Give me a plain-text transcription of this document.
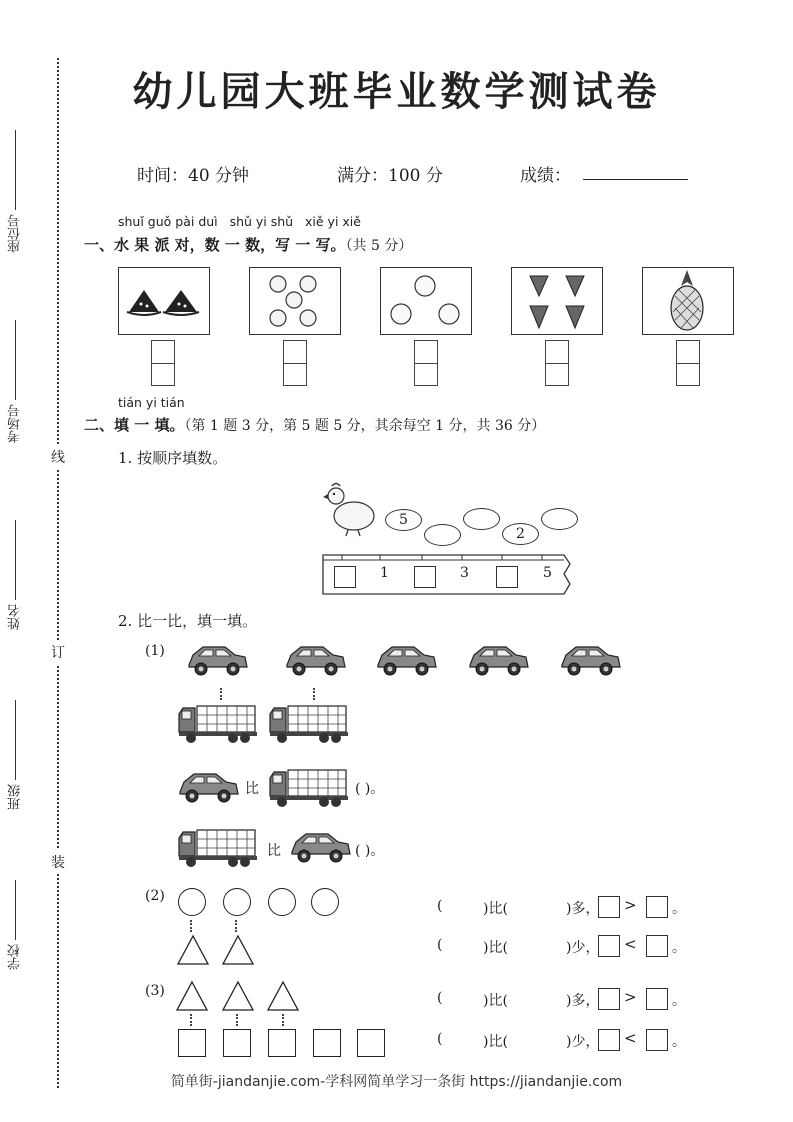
线
订
装
座位号
考场号
姓名
班级
学校
幼儿园大班毕业数学测试卷
时间：40 分钟	满分：100 分	成绩：
shuǐ guǒ pài duì   shǔ yi shǔ   xiě yi xiě
一、水 果 派 对，数 一 数，写 一 写。（共 5 分）
tián yi tián
二、填 一 填。（第 1 题 3 分，第 5 题 5 分，其余每空 1 分，共 36 分）
1. 按顺序填数。
5
2
1	3	5
2. 比一比，填一填。
(1)
比	( )。
比	( )。
(2)
(3)
(	)比(	)多， >	。
(	)比(	)少， <	。
(	)比(	)多， >	。
(	)比(	)少， <	。
简单街-jiandanjie.com-学科网简单学习一条街 https://jiandanjie.com
